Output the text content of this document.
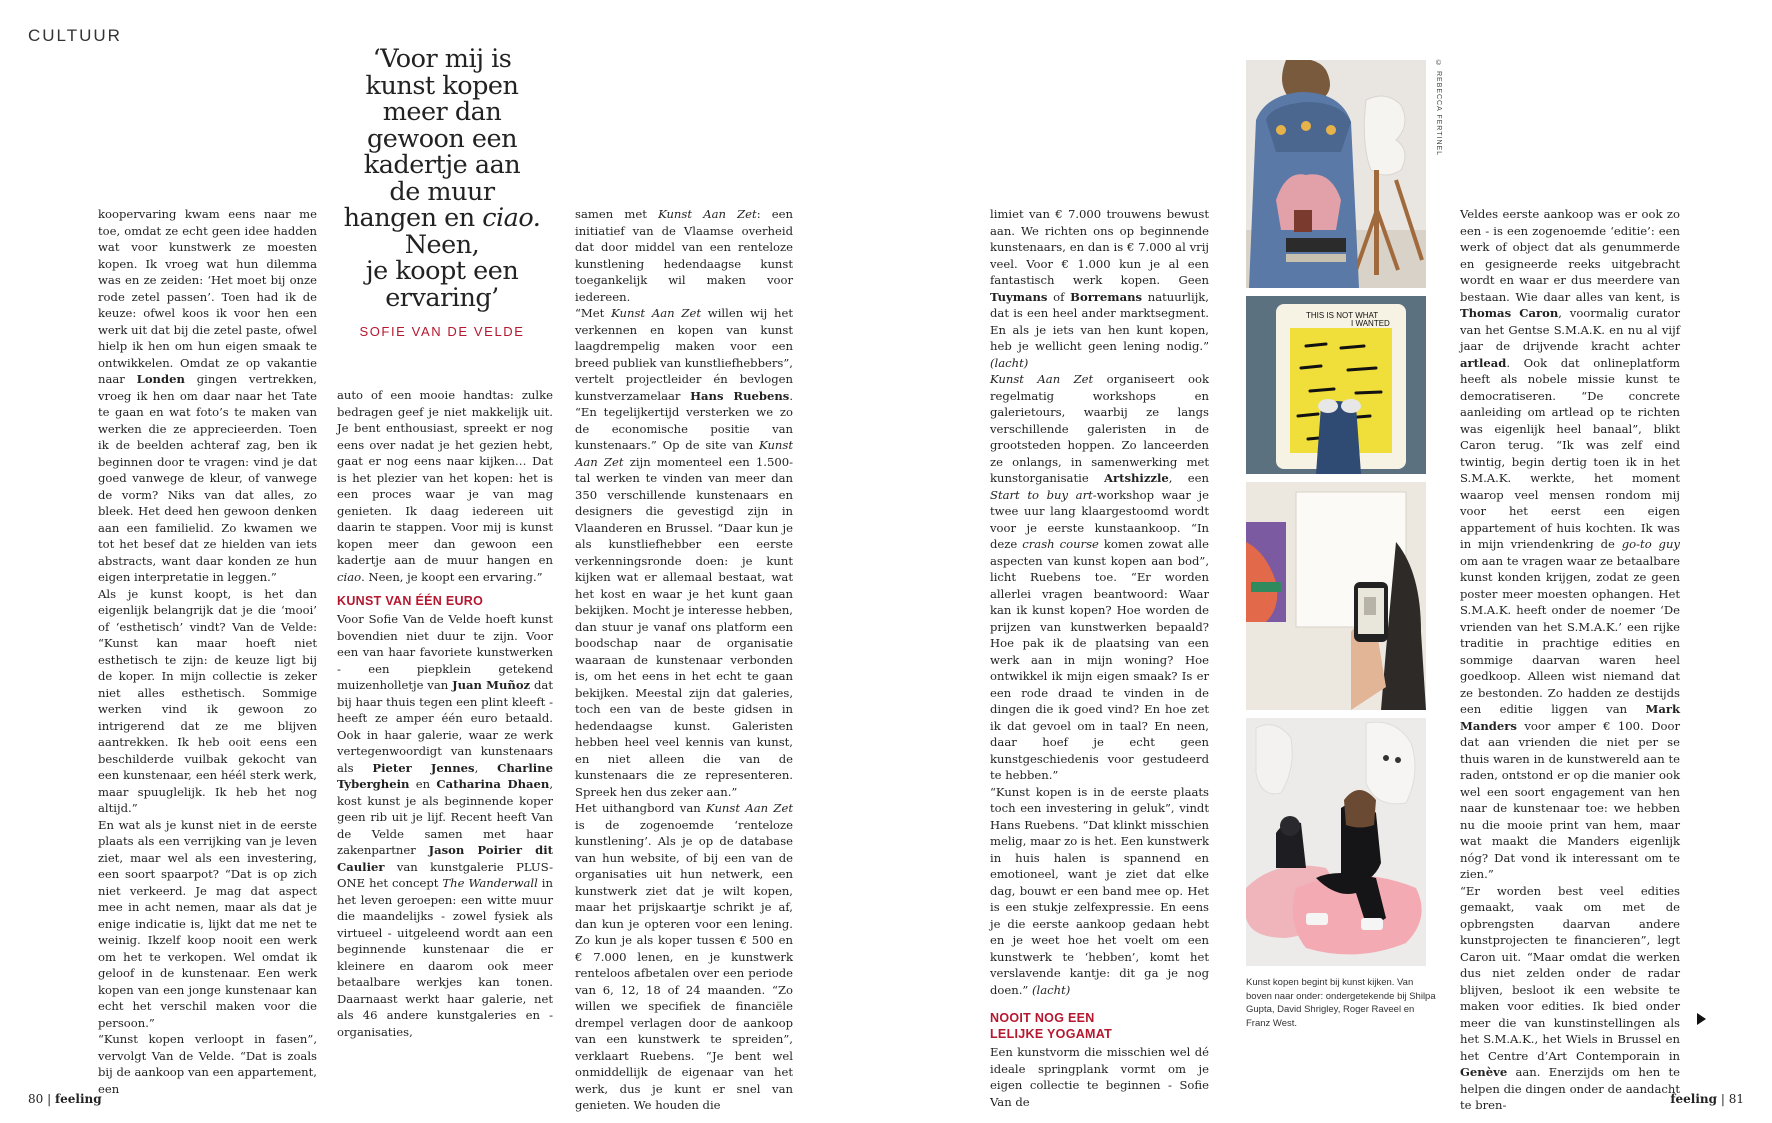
CULTUUR

koopervaring kwam eens naar me toe, omdat ze echt geen idee hadden wat voor kunstwerk ze moesten kopen. Ik vroeg wat hun dilemma was en ze zeiden: ‘Het moet bij onze rode zetel passen’. Toen had ik de keuze: ofwel koos ik voor hen een werk uit dat bij die zetel paste, ofwel hielp ik hen om hun eigen smaak te ontwikkelen. Omdat ze op vakantie naar Londen gingen vertrekken, vroeg ik hen om daar naar het Tate te gaan en wat foto’s te maken van werken die ze apprecieerden. Toen ik de beelden achteraf zag, ben ik beginnen door te vragen: vind je dat goed vanwege de kleur, of vanwege de vorm? Niks van dat alles, zo bleek. Het deed hen gewoon denken aan een familielid. Zo kwamen we tot het besef dat ze hielden van iets abstracts, want daar konden ze hun eigen interpretatie in leggen.”

Als je kunst koopt, is het dan eigenlijk belangrijk dat je die ‘mooi’ of ‘esthetisch’ vindt? Van de Velde: “Kunst kan maar hoeft niet esthetisch te zijn: de keuze ligt bij de koper. In mijn collectie is zeker niet alles esthetisch. Sommige werken vind ik gewoon zo intrigerend dat ze me blijven aantrekken. Ik heb ooit eens een beschilderde vuilbak gekocht van een kunstenaar, een héél sterk werk, maar spuuglelijk. Ik heb het nog altijd.”

En wat als je kunst niet in de eerste plaats als een verrijking van je leven ziet, maar wel als een investering, een soort spaarpot? “Dat is op zich niet verkeerd. Je mag dat aspect mee in acht nemen, maar als dat je enige indicatie is, lijkt dat me net te weinig. Ikzelf koop nooit een werk om het te verkopen. Wel omdat ik geloof in de kunstenaar. Een werk kopen van een jonge kunstenaar kan echt het verschil maken voor die persoon.”

“Kunst kopen verloopt in fasen”, vervolgt Van de Velde. “Dat is zoals bij de aankoop van een appartement, een

‘Voor mij is
kunst kopen
meer dan
gewoon een
kadertje aan
de muur
hangen en ciao.
Neen,
je koopt een
ervaring’
SOFIE VAN DE VELDE

auto of een mooie handtas: zulke bedragen geef je niet makkelijk uit. Je bent enthousiast, spreekt er nog eens over nadat je het gezien hebt, gaat er nog eens naar kijken… Dat is het plezier van het kopen: het is een proces waar je van mag genieten. Ik daag iedereen uit daarin te stappen. Voor mij is kunst kopen meer dan gewoon een kadertje aan de muur hangen en ciao. Neen, je koopt een ervaring.”

KUNST VAN ÉÉN EURO

Voor Sofie Van de Velde hoeft kunst bovendien niet duur te zijn. Voor een van haar favoriete kunstwerken - een piepklein getekend muizenholletje van Juan Muñoz dat bij haar thuis tegen een plint kleeft - heeft ze amper één euro betaald. Ook in haar galerie, waar ze werk vertegenwoordigt van kunstenaars als Pieter Jennes, Charline Tyberghein en Catharina Dhaen, kost kunst je als beginnende koper geen rib uit je lijf. Recent heeft Van de Velde samen met haar zakenpartner Jason Poirier dit Caulier van kunstgalerie PLUS-ONE het concept The Wanderwall in het leven geroepen: een witte muur die maandelijks - zowel fysiek als virtueel - uitgeleend wordt aan een beginnende kunstenaar die er kleinere en daarom ook meer betaalbare werkjes kan tonen. Daarnaast werkt haar galerie, net als 46 andere kunstgaleries en -organisaties,

samen met Kunst Aan Zet: een initiatief van de Vlaamse overheid dat door middel van een renteloze kunstlening hedendaagse kunst toegankelijk wil maken voor iedereen.

“Met Kunst Aan Zet willen wij het verkennen en kopen van kunst laagdrempelig maken voor een breed publiek van kunstliefhebbers”, vertelt projectleider én bevlogen kunstverzamelaar Hans Ruebens. “En tegelijkertijd versterken we zo de economische positie van kunstenaars.” Op de site van Kunst Aan Zet zijn momenteel een 1.500-tal werken te vinden van meer dan 350 verschillende kunstenaars en designers die gevestigd zijn in Vlaanderen en Brussel. “Daar kun je als kunstliefhebber een eerste verkenningsronde doen: je kunt kijken wat er allemaal bestaat, wat het kost en waar je het kunt gaan bekijken. Mocht je interesse hebben, dan stuur je vanaf ons platform een boodschap naar de organisatie waaraan de kunstenaar verbonden is, om het eens in het echt te gaan bekijken. Meestal zijn dat galeries, toch een van de beste gidsen in hedendaagse kunst. Galeristen hebben heel veel kennis van kunst, en niet alleen die van de kunstenaars die ze representeren. Spreek hen dus zeker aan.”

Het uithangbord van Kunst Aan Zet is de zogenoemde ‘renteloze kunstlening’. Als je op de database van hun website, of bij een van de organisaties uit hun netwerk, een kunstwerk ziet dat je wilt kopen, maar het prijskaartje schrikt je af, dan kun je opteren voor een lening. Zo kun je als koper tussen € 500 en € 7.000 lenen, en je kunstwerk renteloos afbetalen over een periode van 6, 12, 18 of 24 maanden. “Zo willen we specifiek de financiële drempel verlagen door de aankoop van een kunstwerk te spreiden”, verklaart Ruebens. “Je bent wel onmiddellijk de eigenaar van het werk, dus je kunt er snel van genieten. We houden die

limiet van € 7.000 trouwens bewust aan. We richten ons op beginnende kunstenaars, en dan is € 7.000 al vrij veel. Voor € 1.000 kun je al een fantastisch werk kopen. Geen Tuymans of Borremans natuurlijk, dat is een heel ander marktsegment. En als je iets van hen kunt kopen, heb je wellicht geen lening nodig.” (lacht)

Kunst Aan Zet organiseert ook regelmatig workshops en galerietours, waarbij ze langs verschillende galeristen in de grootsteden hoppen. Zo lanceerden ze onlangs, in samenwerking met kunstorganisatie Artshizzle, een Start to buy art-workshop waar je twee uur lang klaargestoomd wordt voor je eerste kunstaankoop. “In deze crash course komen zowat alle aspecten van kunst kopen aan bod”, licht Ruebens toe. “Er worden allerlei vragen beantwoord: Waar kan ik kunst kopen? Hoe worden de prijzen van kunstwerken bepaald? Hoe pak ik de plaatsing van een werk aan in mijn woning? Hoe ontwikkel ik mijn eigen smaak? Is er een rode draad te vinden in de dingen die ik goed vind? En hoe zet ik dat gevoel om in taal? En neen, daar hoef je echt geen kunstgeschiedenis voor gestudeerd te hebben.”

“Kunst kopen is in de eerste plaats toch een investering in geluk”, vindt Hans Ruebens. “Dat klinkt misschien melig, maar zo is het. Een kunstwerk in huis halen is spannend en emotioneel, want je ziet dat elke dag, bouwt er een band mee op. Het is een stukje zelfexpressie. En eens je die eerste aankoop gedaan hebt en je weet hoe het voelt om een kunstwerk te ‘hebben’, komt het verslavende kantje: dit ga je nog doen.” (lacht)

NOOIT NOG EEN
LELIJKE YOGAMAT

Een kunstvorm die misschien wel dé ideale springplank vormt om je eigen collectie te beginnen - Sofie Van de

© REBECCA FERTINEL
THIS IS NOT WHAT
I WANTED
Kunst kopen begint bij kunst kijken. Van boven naar onder: ondergetekende bij Shilpa Gupta, David Shrigley, Roger Raveel en Franz West.

Veldes eerste aankoop was er ook zo een - is een zogenoemde ‘editie’: een werk of object dat als genummerde en gesigneerde reeks uitgebracht wordt en waar er dus meerdere van bestaan. Wie daar alles van kent, is Thomas Caron, voormalig curator van het Gentse S.M.A.K. en nu al vijf jaar de drijvende kracht achter artlead. Ook dat onlineplatform heeft als nobele missie kunst te democratiseren. “De concrete aanleiding om artlead op te richten was eigenlijk heel banaal”, blikt Caron terug. “Ik was zelf eind twintig, begin dertig toen ik in het S.M.A.K. werkte, het moment waarop veel mensen rondom mij voor het eerst een eigen appartement of huis kochten. Ik was in mijn vriendenkring de go-to guy om aan te vragen waar ze betaalbare kunst konden krijgen, zodat ze geen poster meer moesten ophangen. Het S.M.A.K. heeft onder de noemer ‘De vrienden van het S.M.A.K.’ een rijke traditie in prachtige edities en sommige daarvan waren heel goedkoop. Alleen wist niemand dat ze bestonden. Zo hadden ze destijds een editie liggen van Mark Manders voor amper € 100. Door dat aan vrienden die niet per se thuis waren in de kunstwereld aan te raden, ontstond er op die manier ook wel een soort engagement van hen naar de kunstenaar toe: we hebben nu die mooie print van hem, maar wat maakt die Manders eigenlijk nóg? Dat vond ik interessant om te zien.”

“Er worden best veel edities gemaakt, vaak om met de opbrengsten daarvan andere kunstprojecten te financieren”, legt Caron uit. “Maar omdat die werken dus niet zelden onder de radar blijven, besloot ik een website te maken voor edities. Ik bied onder meer die van kunstinstellingen als het S.M.A.K., het Wiels in Brussel en het Centre d’Art Contemporain in Genève aan. Enerzijds om hen te helpen die dingen onder de aandacht te bren-

80 | feeling	feeling | 81
